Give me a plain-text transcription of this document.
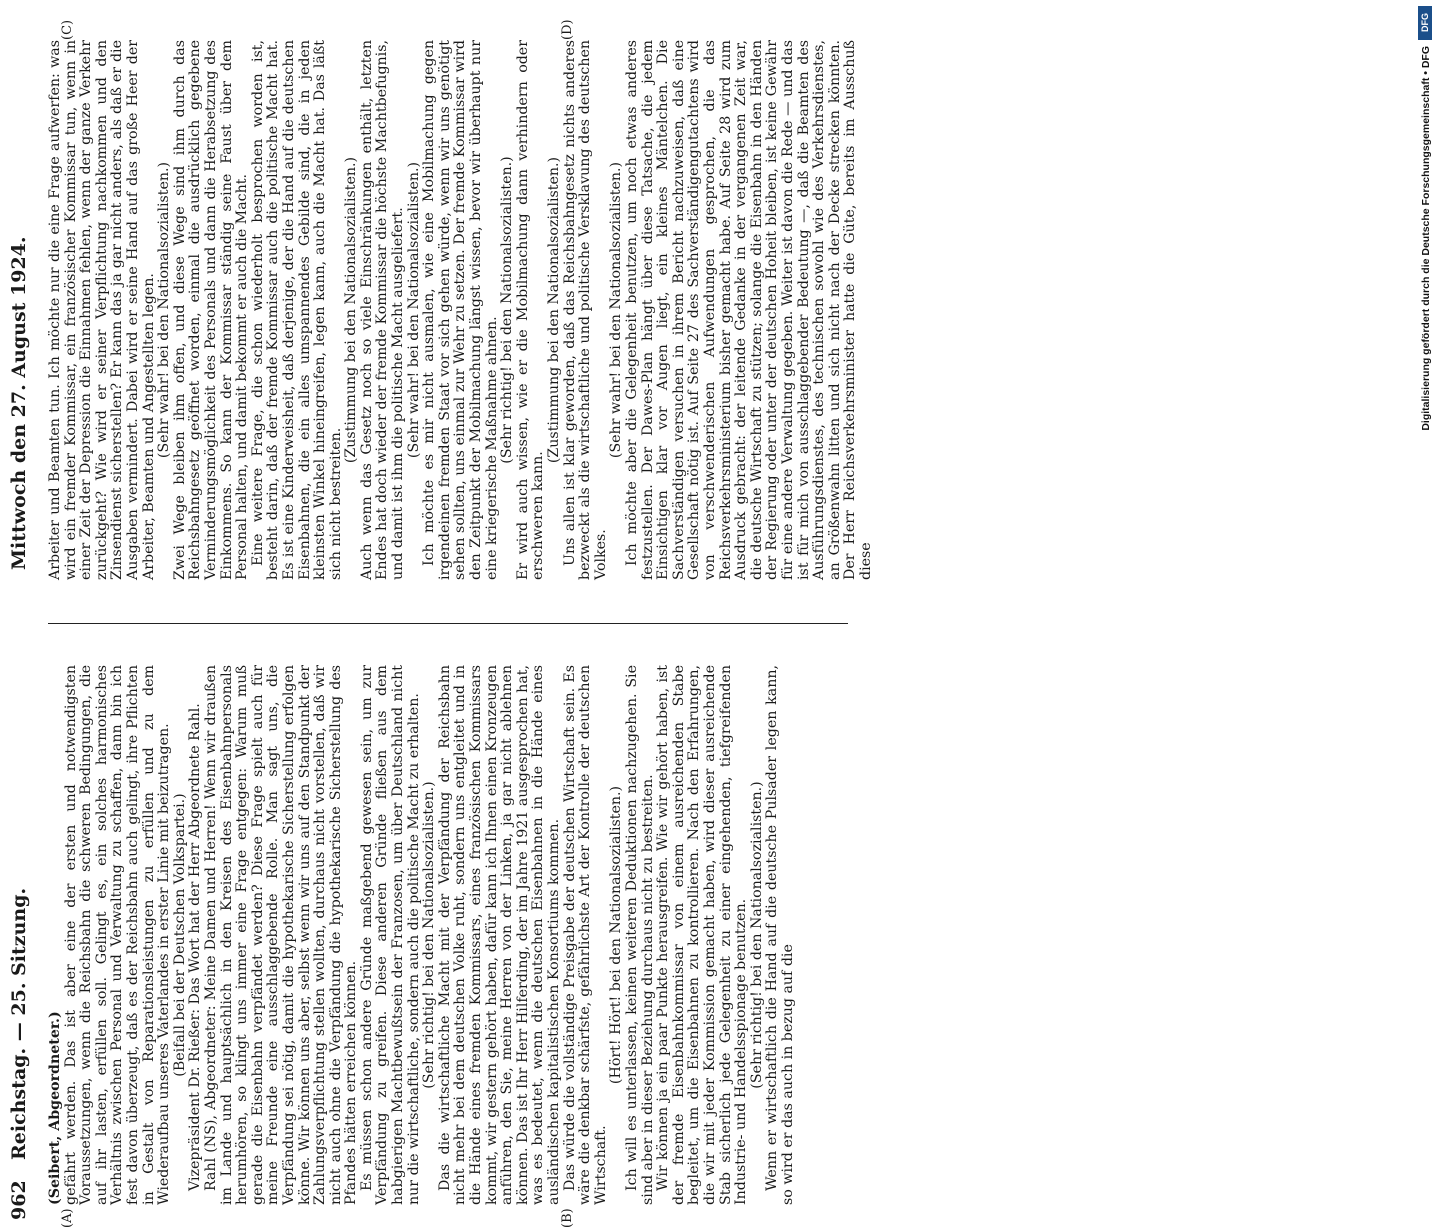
962
Reichstag. — 25. Sitzung.
Mittwoch den 27. August 1924.
(A)	(B)
(C)	(D)

(Seibert, Abgeordneter.) gefährt werden. Das ist aber eine der ersten und notwendigsten Voraussetzungen, wenn die Reichsbahn die schweren Bedingungen, die auf ihr lasten, erfüllen soll. Gelingt es, ein solches harmonisches Verhältnis zwischen Personal und Verwaltung zu schaffen, dann bin ich fest davon überzeugt, daß es der Reichsbahn auch gelingt, ihre Pflichten in Gestalt von Reparationsleistungen zu erfüllen und zu dem Wiederaufbau unseres Vaterlandes in erster Linie mit beizutragen. (Beifall bei der Deutschen Volkspartei.) Vizepräsident Dr. Rießer: Das Wort hat der Herr Abgeordnete Rahl. Rahl (NS), Abgeordneter: Meine Damen und Herren! Wenn wir draußen im Lande und hauptsächlich in den Kreisen des Eisenbahnpersonals herumhören, so klingt uns immer eine Frage entgegen: Warum muß gerade die Eisenbahn verpfändet werden? Diese Frage spielt auch für meine Freunde eine ausschlaggebende Rolle. Man sagt uns, die Verpfändung sei nötig, damit die hypothekarische Sicherstellung erfolgen könne. Wir können uns aber, selbst wenn wir uns auf den Standpunkt der Zahlungsverpflichtung stellen wollten, durchaus nicht vorstellen, daß wir nicht auch ohne die Verpfändung die hypothekarische Sicherstellung des Pfandes hätten erreichen können. Es müssen schon andere Gründe maßgebend gewesen sein, um zur Verpfändung zu greifen. Diese anderen Gründe fließen aus dem habgierigen Machtbewußtsein der Franzosen, um über Deutschland nicht nur die wirtschaftliche, sondern auch die politische Macht zu erhalten. (Sehr richtig! bei den Nationalsozialisten.) Das die wirtschaftliche Macht mit der Verpfändung der Reichsbahn nicht mehr bei dem deutschen Volke ruht, sondern uns entgleitet und in die Hände eines fremden Kommissars, eines französischen Kommissars kommt, wir gestern gehört haben, dafür kann ich Ihnen einen Kronzeugen anführen, den Sie, meine Herren von der Linken, ja gar nicht ablehnen können. Das ist Ihr Herr Hilferding, der im Jahre 1921 ausgesprochen hat, was es bedeutet, wenn die deutschen Eisenbahnen in die Hände eines ausländischen kapitalistischen Konsortiums kommen. Das würde die vollständige Preisgabe der deutschen Wirtschaft sein. Es wäre die denkbar schärfste, gefährlichste Art der Kontrolle der deutschen Wirtschaft.

(Hört! Hört! bei den Nationalsozialisten.) Ich will es unterlassen, keinen weiteren Deduktionen nachzugehen. Sie sind aber in dieser Beziehung durchaus nicht zu bestreiten. Wir können ja ein paar Punkte herausgreifen. Wie wir gehört haben, ist der fremde Eisenbahnkommissar von einem ausreichenden Stabe begleitet, um die Eisenbahnen zu kontrollieren. Nach den Erfahrungen, die wir mit jeder Kommission gemacht haben, wird dieser ausreichende Stab sicherlich jede Gelegenheit zu einer eingehenden, tiefgreifenden Industrie- und Handelsspionage benutzen. (Sehr richtig! bei den Nationalsozialisten.) Wenn er wirtschaftlich die Hand auf die deutsche Pulsader legen kann, so wird er das auch in bezug auf die

Arbeiter und Beamten tun. Ich möchte nur die eine Frage aufwerfen: was wird ein fremder Kommissar, ein französischer Kommissar tun, wenn in einer Zeit der Depression die Einnahmen fehlen, wenn der ganze Verkehr zurückgeht? Wie wird er seiner Verpflichtung nachkommen und den Zinsendienst sicherstellen? Er kann das ja gar nicht anders, als daß er die Ausgaben vermindert. Dabei wird er seine Hand auf das große Heer der Arbeiter, Beamten und Angestellten legen. (Sehr wahr! bei den Nationalsozialisten.) Zwei Wege bleiben ihm offen, und diese Wege sind ihm durch das Reichsbahngesetz geöffnet worden, einmal die ausdrücklich gegebene Verminderungsmöglichkeit des Personals und dann die Herabsetzung des Einkommens. So kann der Kommissar ständig seine Faust über dem Personal halten, und damit bekommt er auch die Macht. Eine weitere Frage, die schon wiederholt besprochen worden ist, besteht darin, daß der fremde Kommissar auch die politische Macht hat. Es ist eine Kinderweisheit, daß derjenige, der die Hand auf die deutschen Eisenbahnen, die ein alles umspannendes Gebilde sind, die in jeden kleinsten Winkel hineingreifen, legen kann, auch die Macht hat. Das läßt sich nicht bestreiten.

(Zustimmung bei den Nationalsozialisten.) Auch wenn das Gesetz noch so viele Einschränkungen enthält, letzten Endes hat doch wieder der fremde Kommissar die höchste Machtbefugnis, und damit ist ihm die politische Macht ausgeliefert. (Sehr wahr! bei den Nationalsozialisten.) Ich möchte es mir nicht ausmalen, wie eine Mobilmachung gegen irgendeinen fremden Staat vor sich gehen würde, wenn wir uns genötigt sehen sollten, uns einmal zur Wehr zu setzen. Der fremde Kommissar wird den Zeitpunkt der Mobilmachung längst wissen, bevor wir überhaupt nur eine kriegerische Maßnahme ahnen. (Sehr richtig! bei den Nationalsozialisten.) Er wird auch wissen, wie er die Mobilmachung dann verhindern oder erschweren kann.

(Zustimmung bei den Nationalsozialisten.) Uns allen ist klar geworden, daß das Reichsbahngesetz nichts anderes bezweckt als die wirtschaftliche und politische Versklavung des deutschen Volkes.

(Sehr wahr! bei den Nationalsozialisten.) Ich möchte aber die Gelegenheit benutzen, um noch etwas anderes festzustellen. Der Dawes-Plan hängt über diese Tatsache, die jedem Einsichtigen klar vor Augen liegt, ein kleines Mäntelchen. Die Sachverständigen versuchen in ihrem Bericht nachzuweisen, daß eine Gesellschaft nötig ist. Auf Seite 27 des Sachverständigengutachtens wird von verschwenderischen Aufwendungen gesprochen, die das Reichsverkehrsministerium bisher gemacht habe. Auf Seite 28 wird zum Ausdruck gebracht: der leitende Gedanke in der vergangenen Zeit war, die deutsche Wirtschaft zu stützen; solange die Eisenbahn in den Händen der Regierung oder unter der deutschen Hoheit bleiben, ist keine Gewähr für eine andere Verwaltung gegeben. Weiter ist davon die Rede — und das ist für mich von ausschlaggebender Bedeutung —, daß die Beamten des Ausführungsdienstes, des technischen sowohl wie des Verkehrsdienstes, an Größenwahn litten und sich nicht nach der Decke strecken könnten. Der Herr Reichsverkehrsminister hatte die Güte, bereits im Ausschuß diese

DFG
Digitalisierung gefördert durch die Deutsche Forschungsgemeinschaft • DFG
